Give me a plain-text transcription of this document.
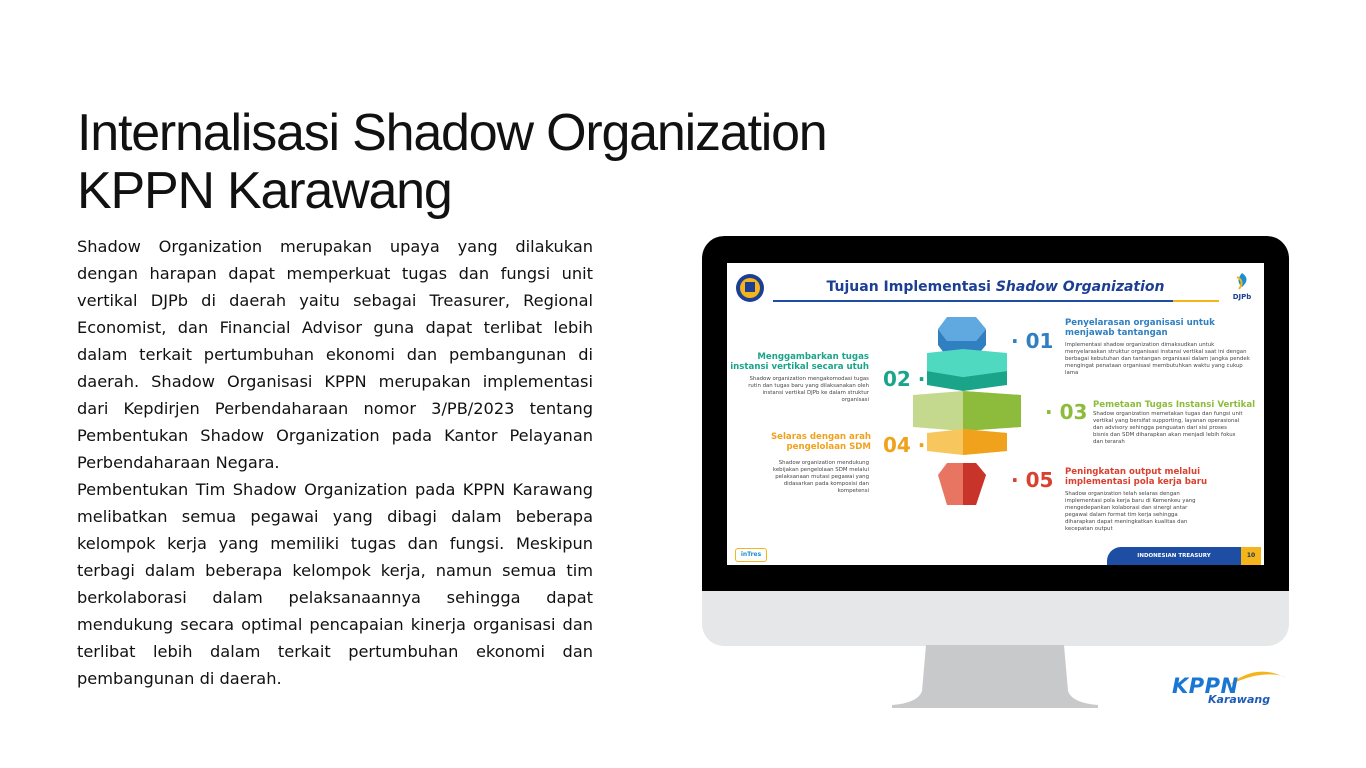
Internalisasi Shadow Organization KPPN Karawang

Shadow Organization merupakan upaya yang dilakukan dengan harapan dapat memperkuat tugas dan fungsi unit vertikal DJPb di daerah yaitu sebagai Treasurer, Regional Economist, dan Financial Advisor guna dapat terlibat lebih dalam terkait pertumbuhan ekonomi dan pembangunan di daerah. Shadow Organisasi KPPN merupakan implementasi dari Kepdirjen Perbendaharaan nomor 3/PB/2023 tentang Pembentukan Shadow Organization pada Kantor Pelayanan Perbendaharaan Negara.

Pembentukan Tim Shadow Organization pada KPPN Karawang melibatkan semua pegawai yang dibagi dalam beberapa kelompok kerja yang memiliki tugas dan fungsi. Meskipun terbagi dalam beberapa kelompok kerja, namun semua tim berkolaborasi dalam pelaksanaannya sehingga dapat mendukung secara optimal pencapaian kinerja organisasi dan terlibat lebih dalam terkait pertumbuhan ekonomi dan pembangunan di daerah.

Tujuan Implementasi Shadow Organization
DJPb
· 01
Penyelarasan organisasi untuk menjawab tantangan
Implementasi shadow organization dimaksudkan untuk menyelaraskan struktur organisasi instansi vertikal saat ini dengan berbagai kebutuhan dan tantangan organisasi dalam jangka pendek mengingat penataan organisasi membutuhkan waktu yang cukup lama
02 ·
Menggambarkan tugas instansi vertikal secara utuh
Shadow organization mengakomodasi tugas rutin dan tugas baru yang dilaksanakan oleh instansi vertikal DJPb ke dalam struktur organisasi	· 03 Pemetaan Tugas Instansi Vertikal
Shadow organization memetakan tugas dan fungsi unit vertikal yang bersifat supporting, layanan operasional dan advisory sehingga penguatan dari sisi proses bisnis dan SDM diharapkan akan menjadi lebih fokus dan terarah
04 ·
Selaras dengan arah pengelolaan SDM
Shadow organization mendukung kebijakan pengelolaan SDM melalui pelaksanaan mutasi pegawai yang didasarkan pada komposisi dan kompetensi	· 05 Peningkatan output melalui implementasi pola kerja baru
Shadow organization telah selaras dengan implementasi pola kerja baru di Kemenkeu yang mengedepankan kolaborasi dan sinergi antar pegawai dalam format tim kerja sehingga diharapkan dapat meningkatkan kualitas dan kecepatan output
inTres	INDONESIAN TREASURY	10
KPPN
Karawang
